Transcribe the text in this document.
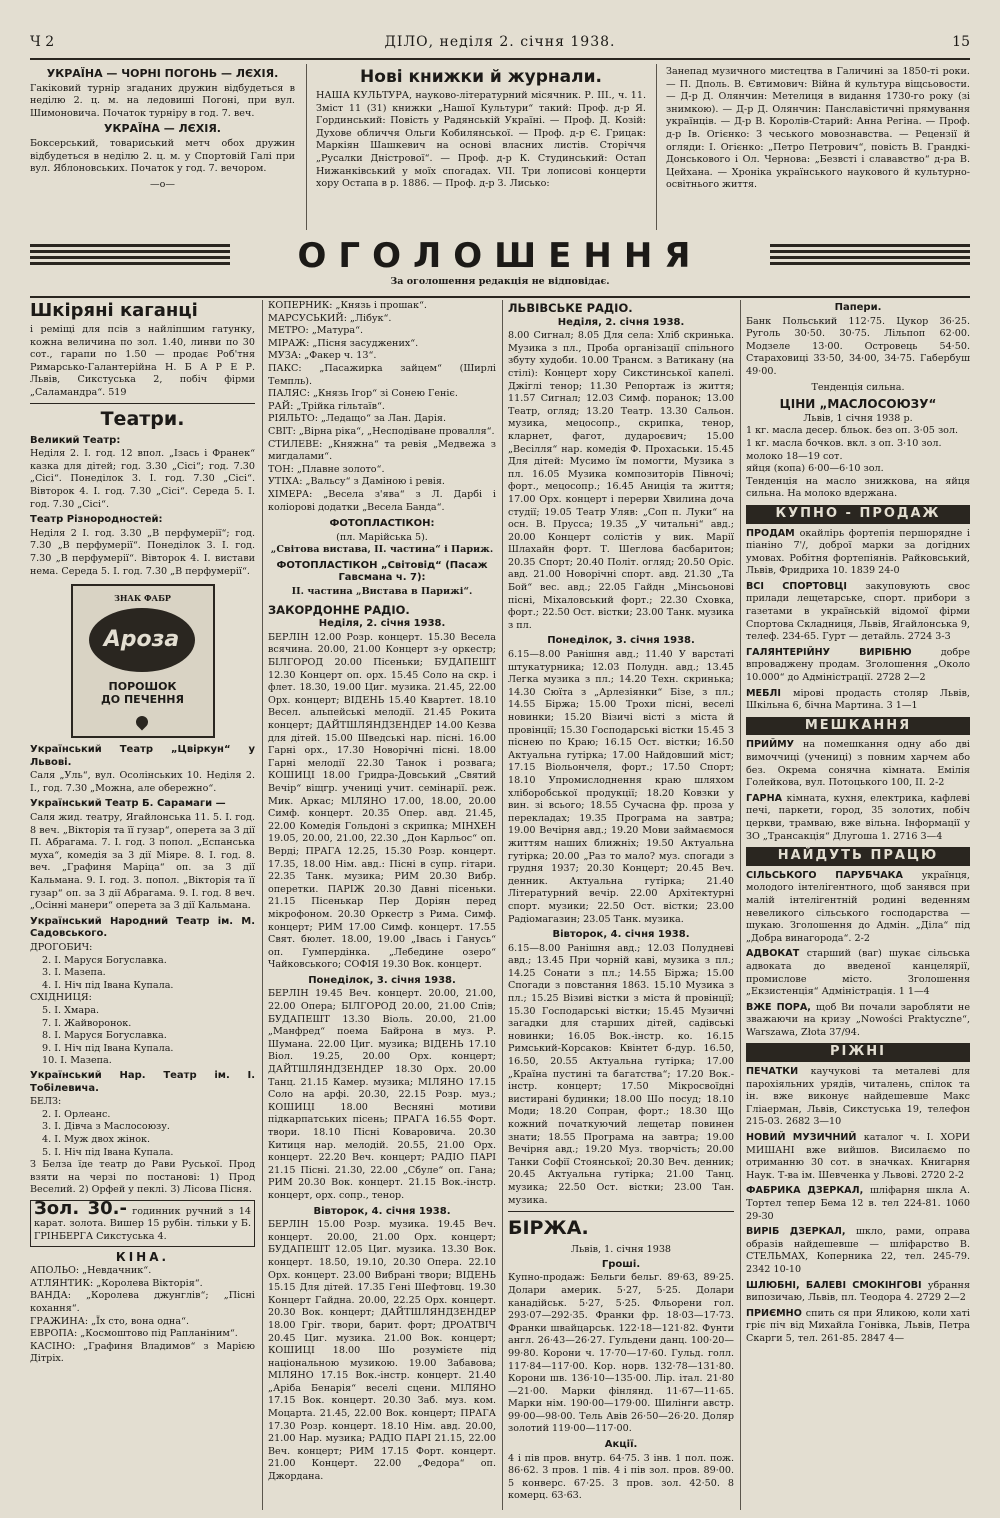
Ч 2	ДІЛО, неділя 2. січня 1938.	15
УКРАЇНА — ЧОРНІ ПОГОНЬ — ЛЄХІЯ.

Гакіковий турнір згаданих дружин відбудеться в неділю 2. ц. м. на ледовиші Погоні, при вул. Шимоновича. Початок турніру в год. 7. веч.

УКРАЇНА — ЛЄХІЯ.

Боксерський, товариський метч обох дружин відбудеться в неділю 2. ц. м. у Спортовій Галі при вул. Яблоновських. Початок у год. 7. вечором.

—o—
Нові книжки й журнали.

НАША КУЛЬТУРА, науково-літературний місячник. Р. III., ч. 11. Зміст 11 (31) книжки „Нашої Культури“ такий: Проф. д-р Я. Гординський: Повість у Радянській Україні. — Проф. Д. Козій: Духове обличчя Ольги Кобилянської. — Проф. д-р Є. Грицак: Маркіян Шашкевич на основі власних листів. Сторіччя „Русалки Дністрової“. — Проф. д-р К. Студинський: Остап Нижанківський у моїх спогадах. VII. Три лописові концерти хору Остапа в р. 1886. — Проф. д-р З. Лиськo:

Занепад музичного мистецтва в Галичині за 1850-ті роки. — П. Дполь. В. Євтимович: Війна й культура віщсьовости. — Д-р Д. Олянчин: Метелиця в видання 1730-го року (зі знимкою). — Д-р Д. Олянчин: Панславістичні прямування українців. — Д-р В. Королів-Старий: Анна Регіна. — Проф. д-р Ів. Огієнко: З чеського мовознавства. — Рецензії й огляди: І. Огієнко: „Петро Петрович“, повість В. Грандкі-Донськового і Ол. Чернова: „Безвсті і слававство“ д-ра В. Цейхана. — Хроніка українського наукового й культурно-освітнього життя.

ОГОЛОШЕННЯ
За оголошення редакція не відповідає.
Шкіряні каганці

і реміщі для псів з найліпшим гатунку, кожна величина по зол. 1.40, линви по 30 сот., гарапи по 1.50 — продає Роб'тня Римарсько-Галантерійна Н. Б А Р Е Р. Львів, Сикстуська 2, побіч фірми „Саламандра“. 519

Театри.
Великий Театр:

Неділя 2. І. год. 12 впол. „Ізась і Франек“ казка для дітей; год. 3.30 „Сісі“; год. 7.30 „Сісі“. Понеділок 3. І. год. 7.30 „Сісі“. Вівторок 4. І. год. 7.30 „Сісі“. Середа 5. І. год. 7.30 „Сісі“.

Театр Різнородностей:

Неділя 2 І. год. 3.30 „В перфумерії“; год. 7.30 „В перфумерії“. Понеділок 3. І. год. 7.30 „В перфумерії“. Вівторок 4. І. вистави нема. Середа 5. І. год. 7.30 „В перфумерії“.

ЗНАК ФАБР
Ароза
ПОРОШОК
ДО ПЕЧЕННЯ
Український Театр „Цвіркун“ у Львові.

Саля „Уль“, вул. Осолінських 10. Неділя 2. І., год. 7.30 „Можна, але обережно“.

Український Театр Б. Сарамаги —

Саля жид. театру, Ягайлонська 11. 5. І. год. 8 веч. „Вікторія та її гузар“, оперета за 3 дії П. Абрагама. 7. І. год. 3 попол. „Еспанська муха“, комедія за 3 дії Міяре. 8. І. год. 8. веч. „Графиня Маріца“ оп. за 3 дії Кальмана. 9. І. год. 3. попол. „Вікторія та її гузар“ оп. за 3 дії Абрагама. 9. І. год. 8 веч. „Осінні манери“ оперета за 3 дії Кальмана.

Український Народний Театр ім. М. Садовського.
ДРОГОБИЧ:
2. І. Маруся Богуславка.
3. І. Мазепа.
4. І. Ніч під Івана Купала.
СХІДНИЦЯ:
5. І. Хмара.
7. І. Жайворонок.
8. І. Маруся Богуславка.
9. І. Ніч під Івана Купала.
10. І. Мазепа.
Український Нар. Театр ім. І. Тобілевича.
БЕЛЗ:
2. І. Орлеанс.
3. І. Дівча з Маслосоюзу.
4. І. Муж двох жінок.
5. І. Ніч під Івана Купала.

З Белза їде театр до Рави Руської. Прод взяти на черзі по постанові: 1) Прод Веселий. 2) Орфей у пеклі. 3) Лісова Пісня.

Зол. 30.- годинник ручний з 14 карат. золота. Вишер 15 рубін. тільки у Б. ГРІНБЕРГА Сикстуська 4.
КІНА.
АПОЛЬО: „Невдачник“.
АТЛЯНТИК: „Королева Вікторія“.
ВАНДА: „Королева джунглів“; „Пісні кохання“.
ГРАЖИНА: „Їх сто, вона одна“.
ЕВРОПА: „Космоштово під Рапланіним“.
КАСІНО: „Графиня Владимов“ з Марією Дітріх.
КОПЕРНИК: „Князь і прошак“.
МАРСУСЬКИЙ: „Лібук“.
МЕТРО: „Матура“.
МІРАЖ: „Пісня засуджених“.
МУЗА: „Факер ч. 13“.
ПАКС: „Пасажирка зайцем“ (Ширлі Темпль).
ПАЛЯС: „Князь Ігор“ зі Сонею Геніє.
РАЙ: „Трійка гільтаїв“.
РІЯЛЬТО: „Ледащо“ за Лан. Дарія.
СВІТ: „Вірна ріка“, „Несподіване провалля“.
СТИЛЕВЕ: „Княжна“ та ревія „Медвежа з мигдалами“.
ТОН: „Плавне золото“.
УТІХА: „Вальсу“ з Даміною і ревія.
ХІМЕРА: „Весела з'ява“ з Л. Дарбі і коліорові додатки „Весела Банда“.
ФОТОПЛАСТІКОН:
(пл. Марійська 5).
„Світова вистава, ІІ. частина“ і Париж.
ФОТОПЛАСТІКОН „Світовід“ (Пасаж Гавсмана ч. 7):
II. частина „Вистава в Парижі“.
ЗАКОРДОННЕ РАДІО.
Неділя, 2. січня 1938.

БЕРЛІН 12.00 Розр. концерт. 15.30 Весела всячина. 20.00, 21.00 Концерт з-у оркестр; БІЛГОРОД 20.00 Пісеньки; БУДАПЕШТ 12.30 Концерт оп. орх. 15.45 Соло на скр. і флет. 18.30, 19.00 Циг. музика. 21.45, 22.00 Орх. концерт; ВІДЕНЬ 15.40 Квартет. 18.10 Весел. альпейські мелодії. 21.45 Рокита концерт; ДАЙТШЛЯНДЗЕНДЕР 14.00 Кезва для дітей. 15.00 Шведські нар. пісні. 16.00 Гарні орх., 17.30 Новорічні пісні. 18.00 Гарні мелодії 22.30 Танок і розвага; КОШИЦІ 18.00 Гридра-Довський „Святий Вечір“ віщгр. учениці учит. семінарії. реж. Мик. Аркас; МІЛЯНО 17.00, 18.00, 20.00 Симф. концерт. 20.35 Опер. авд. 21.45, 22.00 Комедія Гольдоні з скрипка; МІНХЕН 19.05, 20.00, 21.00, 22.30 „Дон Карльос“ оп. Верді; ПРАГА 12.25, 15.30 Розр. концерт. 17.35, 18.00 Нім. авд.: Пісні в супр. гітари. 22.35 Танк. музика; РИМ 20.30 Вибр. оперетки. ПАРІЖ 20.30 Давні пісеньки. 21.15 Пісенькар Пер Доріян перед мікрофоном. 20.30 Оркестр з Рима. Симф. концерт; РИМ 17.00 Симф. концерт. 17.55 Свят. бюлет. 18.00, 19.00 „Івась і Ганусь“ оп. Гумпердінка. „Лебедине озеро“ Чайковського; СОФІЯ 19.30 Вок. концерт.

Понеділок, 3. січня 1938.

БЕРЛІН 19.45 Веч. концерт. 20.00, 21.00, 22.00 Опера; БІЛГОРОД 20.00, 21.00 Спів; БУДАПЕШТ 13.30 Віоль. 20.00, 21.00 „Манфред“ поема Байрона в муз. Р. Шумана. 22.00 Циг. музика; ВІДЕНЬ 17.10 Віол. 19.25, 20.00 Орх. концерт; ДАЙТШЛЯНДЗЕНДЕР 18.30 Орх. 20.00 Танц. 21.15 Камер. музика; МІЛЯНО 17.15 Соло на арфі. 20.30, 22.15 Розр. муз.; КОШИЦІ 18.00 Весняні мотиви підкарпатських пісень; ПРАГА 16.55 Форт. твори. 18.10 Пісні Коваровича. 20.30 Китиця нар. мелодій. 20.55, 21.00 Орх. концерт. 22.20 Веч. концерт; РАДІО ПАРІ 21.15 Пісні. 21.30, 22.00 „Сбуле“ оп. Гана; РИМ 20.30 Вок. концерт. 21.15 Вок.-інстр. концерт, орх. сопр., тенор.

Вівторок, 4. січня 1938.

БЕРЛІН 15.00 Розр. музика. 19.45 Веч. концерт. 20.00, 21.00 Орх. концерт; БУДАПЕШТ 12.05 Циг. музика. 13.30 Вок. концерт. 18.50, 19.10, 20.30 Опера. 22.10 Орх. концерт. 23.00 Вибрані твори; ВІДЕНЬ 15.15 Для дітей. 17.35 Гені Шефтовц. 19.30 Концерт Гайдна. 20.00, 22.25 Орх. концерт. 20.30 Вок. концерт; ДАЙТШЛЯНДЗЕНДЕР 18.00 Гріг. твори, барит. форт; ДРОАТВІЧ 20.45 Циг. музика. 21.00 Вок. концерт; КОШИЦІ 18.00 Шо розумієте під національною музикою. 19.00 Забавова; МІЛЯНО 17.15 Вок.-інстр. концерт. 21.40 „Аріба Бенарія“ веселі сцени. МІЛЯНО 17.15 Вок. концерт. 20.30 Заб. муз. ком. Моцарта. 21.45, 22.00 Вок. концерт; ПРАГА 17.30 Розр. концерт. 18.10 Нім. авд. 20.00, 21.00 Нар. музика; РАДІО ПАРІ 21.15, 22.00 Веч. концерт; РИМ 17.15 Форт. концерт. 21.00 Концерт. 22.00 „Федора“ оп. Джордана.

ЛЬВІВСЬКЕ РАДІО.
Неділя, 2. січня 1938.

8.00 Сигнал; 8.05 Для села: Хліб скринька. Музика з пл., Проба організації спільного збуту худоби. 10.00 Трансм. з Ватикану (на стілі): Концерт хору Сикстинської капелі. Джіглі тенор; 11.30 Репортаж із життя; 11.57 Сигнал; 12.03 Симф. поранок; 13.00 Театр, огляд; 13.20 Театр. 13.30 Сальон. музика, мецосопр., скрипка, тенор, кларнет, фагот, дудароєвич; 15.00 „Весілля“ нар. комедія Ф. Прохаськи. 15.45 Для дітей: Мусимо їм помогти, Музика з пл. 16.05 Музика композиторів Півночі; форт., мецосопр.; 16.45 Аниція та життя; 17.00 Орх. концерт і перерви Хвилина доча студії; 19.05 Театр Уляв: „Соп п. Луки“ на осн. В. Прусса; 19.35 „У читальні“ авд.; 20.00 Концерт солістів у вик. Марії Шлахайн форт. Т. Шеглова басбаритон; 20.35 Спорт; 20.40 Політ. огляд; 20.50 Оріс. авд. 21.00 Новорічні спорт. авд. 21.30 „Та Бой“ вес. авд.; 22.05 Гайдн „Мінсьонові пісні, Міхаловський форт.; 22.30 Сховка, форт.; 22.50 Ост. вістки; 23.00 Танк. музика з пл.

Понеділок, 3. січня 1938.

6.15—8.00 Ранішня авд.; 11.40 У варстаті штукатурника; 12.03 Полудн. авд.; 13.45 Легка музика з пл.; 14.20 Техн. скринька; 14.30 Сюїта з „Арлезіянки“ Бізе, з пл.; 14.55 Біржа; 15.00 Трохи пісні, веселі новинки; 15.20 Візичі вісті з міста й провінції; 15.30 Господарські вістки 15.45 З піснею по Краю; 16.15 Ост. вістки; 16.50 Актуальна гутірка; 17.00 Найдовший міст; 17.15 Віольончеля, форт.; 17.50 Спорт; 18.10 Упромислоднення краю шляхом хліборобської продукції; 18.20 Ковзки у вин. зі всього; 18.55 Сучасна фр. проза у перекладах; 19.35 Програма на завтра; 19.00 Вечірня авд.; 19.20 Мови займаємося життям наших ближніх; 19.50 Актуальна гутірка; 20.00 „Раз то мало? муз. спогади з грудня 1937; 20.30 Концерт; 20.45 Веч. денник. Актуальна гутірка; 21.40 Літературний вечір. 22.00 Архітектурні спорт. музики; 22.50 Ост. вістки; 23.00 Радіомагазин; 23.05 Танк. музика.

Вівторок, 4. січня 1938.

6.15—8.00 Ранішня авд.; 12.03 Полудневі авд.; 13.45 При чорній каві, музика з пл.; 14.25 Сонати з пл.; 14.55 Біржа; 15.00 Спогади з повстання 1863. 15.10 Музика з пл.; 15.25 Візиві вістки з міста й провінції; 15.30 Господарські вістки; 15.45 Музичні загадки для старших дітей, садівські новинки; 16.05 Вок.-інстр. ко. 16.15 Римський-Корсаков: Квінтет б-дур. 16.50, 16.50, 20.55 Актуальна гутірка; 17.00 „Країна пустині та багатства“; 17.20 Вок.-інстр. концерт; 17.50 Мікросвоїдні вистирані будинки; 18.00 Шо посуд; 18.10 Моди; 18.20 Сопран, форт.; 18.30 Що кожний початкуючий лещетар повинен знати; 18.55 Програма на завтра; 19.00 Вечірня авд.; 19.20 Муз. творчість; 20.00 Танки Софії Стоянської; 20.30 Веч. денник; 20.45 Актуальна гутірка; 21.00 Танц. музика; 22.50 Ост. вістки; 23.00 Тан. музика.

БІРЖА.
Львів, 1. січня 1938
Гроші.

Купно-продаж: Бельги бельг. 89·63, 89·25. Долари америк. 5·27, 5·25. Долари канадійськ. 5·27, 5·25. Фльорени гол. 293·07—292·35. Франки фр. 18·03—17·73. Франки швайцарськ. 122·18—121·82. Фунти англ. 26·43—26·27. Гульдени данц. 100·20—99·80. Корони ч. 17·70—17·60. Гульд. голл. 117·84—117·00. Кор. норв. 132·78—131·80. Корони шв. 136·10—135·00. Лір. італ. 21·80—21·00. Марки фінлянд. 11·67—11·65. Марки нім. 190·00—179·00. Шилінги австр. 99·00—98·00. Тель Авів 26·50—26·20. Доляр золотий 119·00—117·00.

Акції.

4 і пів пров. внутр. 64·75. 3 інв. 1 пол. пож. 86·62. 3 пров. 1 пів. 4 і пів зол. пров. 89·00. 5 конверс. 67·25. 3 пров. зол. 42·50. 8 комерц. 63·63.

Папери.

Банк Польський 112·75. Цукор 36·25. Руголь 30·50. 30·75. Лільпоп 62·00. Модзеле 13·00. Островець 54·50. Стараховиці 33·50, 34·00, 34·75. Габербуш 49·00.

Тенденція сильна.
ЦІНИ „МАСЛОСОЮЗУ“
Львів, 1 січня 1938 р.
1 кг. масла десер. бльок. без оп. 3·05 зол.
1 кг. масла бочков. вкл. з оп. 3·10 зол.
молоко 18—19 сот.
яйця (копа) 6·00—6·10 зол.

Тенденція на масло знижкова, на яйця сильна. На молоко вдержана.

КУПНО - ПРОДАЖ

ПРОДАМ окайлірь фортепія першорядне і піаніно 7'/, доброї марки за догідних умовах. Робітня фортепіянів. Райковський, Львів, Фридриха 10. 1839 24-0

ВСІ СПОРТОВЦІ закуповують свос прилади лещетарське, спорт. прибори з газетами в українській відомої фірми Спортова Складниця, Львів, Ягайлонська 9, телеф. 234-65. Гурт — детайль. 2724 3-3

ГАЛЯНТЕРІЙНУ ВИРІБНЮ добре впроваджену продам. Зголошення „Около 10.000“ до Адміністрації. 2728 2—2

МЕБЛІ мірові продасть столяр Львів, Шкільна 6, бічна Мартина. 3 1—1

МЕШКАННЯ

ПРИЙМУ на помешкання одну або дві вимоччиці (учениці) з повним харчем або без. Окрема сонячна кімната. Емілія Голейкова, вул. Потоцького 100, II. 2-2

ГАРНА кімната, кухня, електрика, кафлеві печі, паркети, город, 35 золотих, побіч церкви, трамваю, вже вільна. Інформації у ЗО „Трансакція“ Длугоша 1. 2716 3—4

НАЙДУТЬ ПРАЦЮ

СІЛЬСЬКОГО ПАРУБЧАКА українця, молодого інтелігентного, щоб занявся при малій інтелігентній родині веденням невеликого сільського господарства — шукаю. Зголошення до Адмін. „Діла“ під „Добра винагорода“. 2-2

АДВОКАТ старший (ваг) шукає сільська адвоката до введеної канцелярії, промислове місто. Зголошення „Екзистенція“ Адміністрація. 1 1—4

ВЖЕ ПОРА, щоб Ви почали заробляти не зважаючи на кризу „Nowości Praktyczne“, Warszawa, Złota 37/94.

РІЖНІ

ПЕЧАТКИ каучукові та металеві для парохіяльних урядів, читалень, спілок та ін. вже виконує найдешевше Макс Гліаерман, Львів, Сикстуська 19, телефон 215-03. 2682 3—10

НОВИЙ МУЗИЧНИЙ каталог ч. І. ХОРИ МИШАНІ вже вийшов. Висилаємо по отриманню 30 сот. в значках. Книгарня Наук. Т-ва ім. Шевченка у Львові. 2720 2-2

ФАБРИКА ДЗЕРКАЛ, шліфарня шкла А. Тортел тепер Бема 12 в. тел 224-81. 1060 29-30

ВИРІБ ДЗЕРКАЛ, шкло, рами, оправа образів найдешевше — шліфарство В. СТЕЛЬМАХ, Коперника 22, тел. 245-79. 2342 10-10

ШЛЮБНІ, БАЛЕВІ СМОКІНГОВІ убрання випозичаю, Львів, пл. Теодора 4. 2729 2—2

ПРИЄМНО спить ся при Яликою, коли хаті гріє піч від Михайла Гонівка, Львів, Петра Скарги 5, тел. 261-85. 2847 4—
